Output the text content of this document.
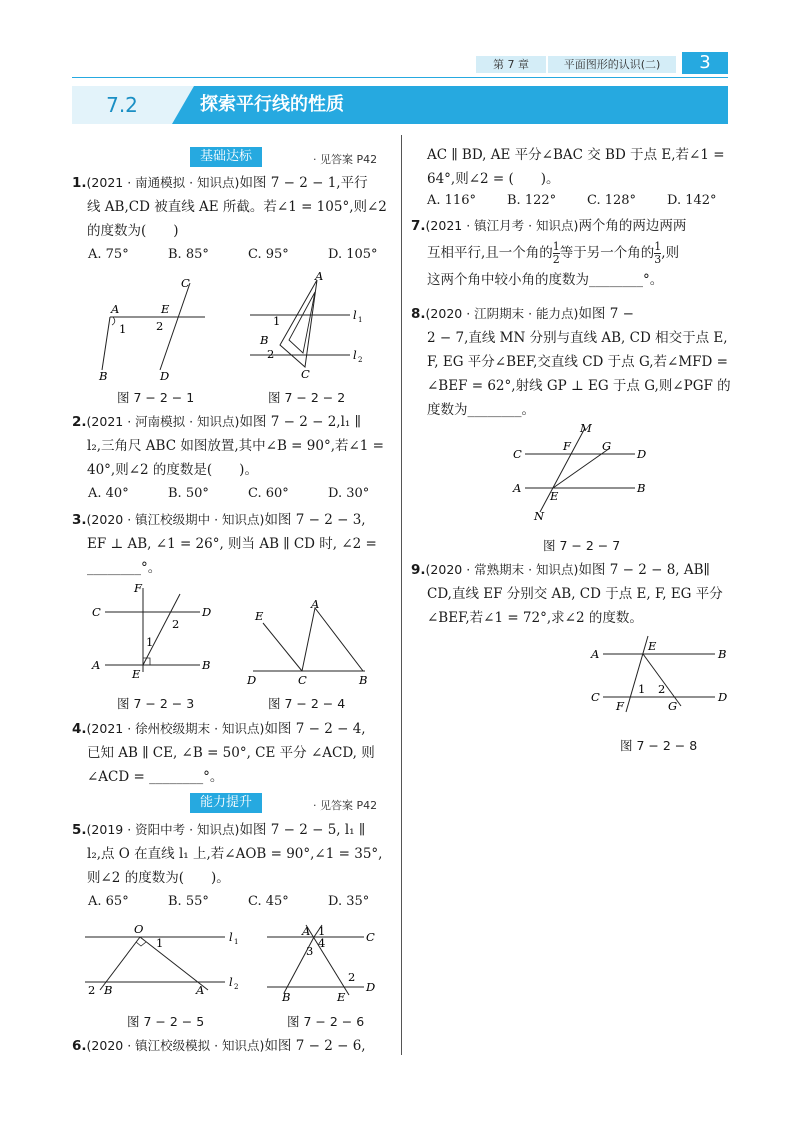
第 7 章	平面图形的认识(二)	3
7.2	探索平行线的性质
基础达标	· 见答案 P42
1.(2021 · 南通模拟 · 知识点)如图 7 − 2 − 1,平行
线 AB,CD 被直线 AE 所截。若∠1 = 105°,则∠2
的度数为(　　)
A. 75°	B. 85°	C. 95°	D. 105°
A
B
C
D
E
1	2
图 7 − 2 − 1
A
B
C
l 1
l 2
1
2
图 7 − 2 − 2
2.(2021 · 河南模拟 · 知识点)如图 7 − 2 − 2,l₁ ∥
l₂,三角尺 ABC 如图放置,其中∠B = 90°,若∠1 =
40°,则∠2 的度数是(　　)。
A. 40°	B. 50°	C. 60°	D. 30°
3.(2020 · 镇江校级期中 · 知识点)如图 7 − 2 − 3,
EF ⊥ AB, ∠1 = 26°, 则当 AB ∥ CD 时, ∠2 =
________°。
F
C	D
A	B
E
1
2
图 7 − 2 − 3
A
B
C
D
E
图 7 − 2 − 4
4.(2021 · 徐州校级期末 · 知识点)如图 7 − 2 − 4,
已知 AB ∥ CE, ∠B = 50°, CE 平分 ∠ACD, 则
∠ACD = ________°。
能力提升	· 见答案 P42
5.(2019 · 资阳中考 · 知识点)如图 7 − 2 − 5, l₁ ∥
l₂,点 O 在直线 l₁ 上,若∠AOB = 90°,∠1 = 35°,
则∠2 的度数为(　　)。
A. 65°	B. 55°	C. 45°	D. 35°
O
B	A
l 1
l 2
1
2
图 7 − 2 − 5
A	C
D
B	E
1
2
3
4
图 7 − 2 − 6
6.(2020 · 镇江校级模拟 · 知识点)如图 7 − 2 − 6,
AC ∥ BD, AE 平分∠BAC 交 BD 于点 E,若∠1 =
64°,则∠2 = (　　)。
A. 116°	B. 122°	C. 128°	D. 142°
7.(2021 · 镇江月考 · 知识点)两个角的两边两两
互相平行,且一个角的 $\frac{1}{2}$ 等于另一个角的 $\frac{1}{3}$ ,则
这两个角中较小角的度数为________°。
8.(2020 · 江阴期末 · 能力点)如图 7 −
2 − 7,直线 MN 分别与直线 AB, CD 相交于点 E,
F, EG 平分∠BEF,交直线 CD 于点 G,若∠MFD =
∠BEF = 62°,射线 GP ⊥ EG 于点 G,则∠PGF 的
度数为________。
M
F	G
C	D
A	B
E
N
图 7 − 2 − 7
9.(2020 · 常熟期末 · 知识点)如图 7 − 2 − 8, AB∥
CD,直线 EF 分别交 AB, CD 于点 E, F, EG 平分
∠BEF,若∠1 = 72°,求∠2 的度数。
A	B
C	D
E
F	G
1 2
图 7 − 2 − 8
